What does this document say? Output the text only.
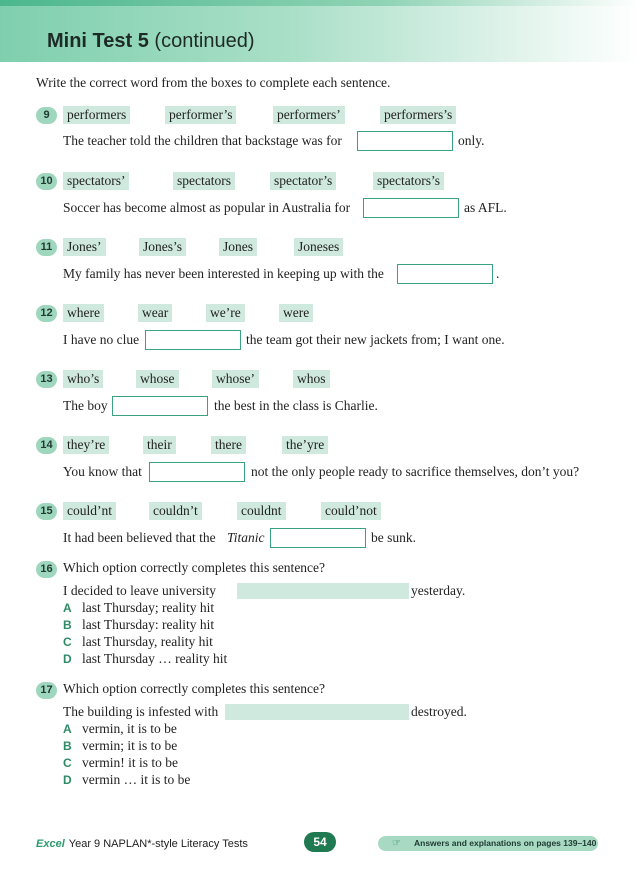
Mini Test 5 (continued)
Write the correct word from the boxes to complete each sentence.
9	performers	performer’s	performers’	performers’s
The teacher told the children that backstage was for	only.
10	spectators’	spectators	spectator’s	spectators’s
Soccer has become almost as popular in Australia for	as AFL.
11	Jones’	Jones’s	Jones	Joneses
My family has never been interested in keeping up with the	.
12	where	wear	we’re	were
I have no clue	the team got their new jackets from; I want one.
13	who’s	whose	whose’	whos
The boy	the best in the class is Charlie.
14	they’re	their	there	the’yre
You know that	not the only people ready to sacrifice themselves, don’t you?
15	could’nt	couldn’t	couldnt	could’not
It had been believed that the Titanic	be sunk.
16 Which option correctly completes this sentence?
I decided to leave university	yesterday.
A last Thursday; reality hit
B last Thursday: reality hit
C last Thursday, reality hit
D last Thursday … reality hit
17 Which option correctly completes this sentence?
The building is infested with	destroyed.
A vermin, it is to be
B vermin; it is to be
C vermin! it is to be
D vermin … it is to be
Excel Year 9 NAPLAN*-style Literacy Tests	54	☞ Answers and explanations on pages 139–140
